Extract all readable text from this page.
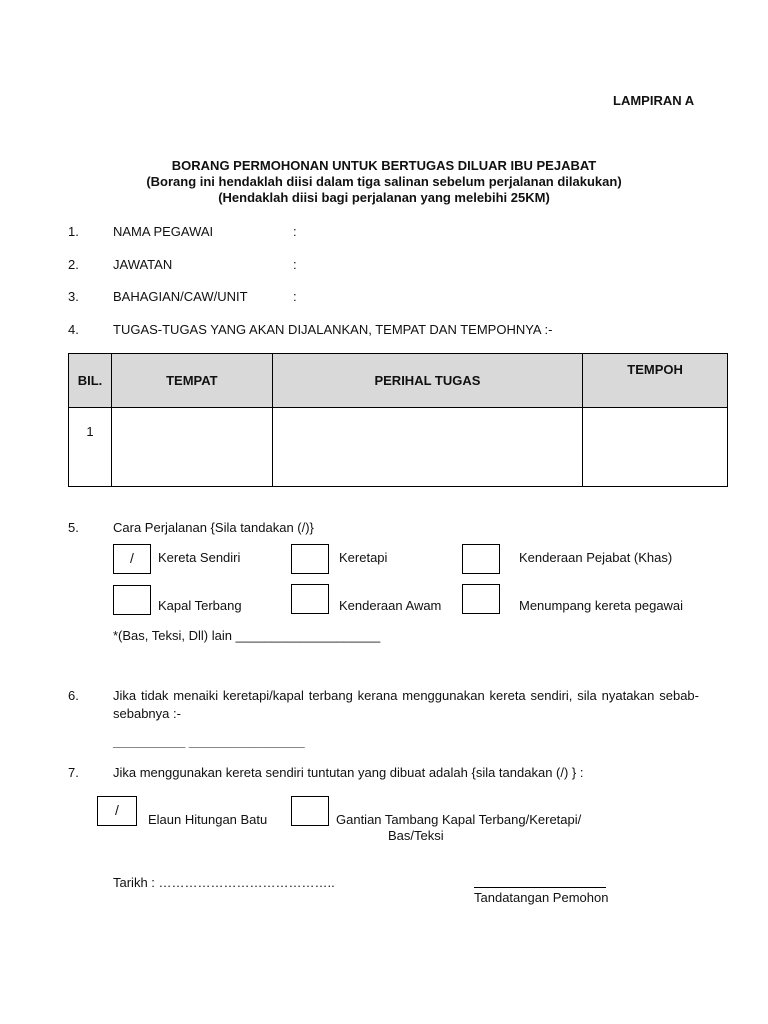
LAMPIRAN A
BORANG PERMOHONAN UNTUK BERTUGAS DILUAR IBU PEJABAT
(Borang ini hendaklah diisi dalam tiga salinan sebelum perjalanan dilakukan)
(Hendaklah diisi bagi perjalanan yang melebihi 25KM)
1.	NAMA PEGAWAI	:
2.	JAWATAN	:
3.	BAHAGIAN/CAW/UNIT	:
4.	TUGAS-TUGAS YANG AKAN DIJALANKAN, TEMPAT DAN TEMPOHNYA :-
BIL.	TEMPAT	PERIHAL TUGAS	TEMPOH
1			
5.	Cara Perjalanan {Sila tandakan (/)}
/	Kereta Sendiri	Keretapi	Kenderaan Pejabat (Khas)
Kapal Terbang	Kenderaan Awam	Menumpang kereta pegawai
*(Bas, Teksi, Dll) lain ____________________
6.	Jika tidak menaiki keretapi/kapal terbang kerana menggunakan kereta sendiri, sila nyatakan sebab-
sebabnya :-
__________ ________________
7.	Jika menggunakan kereta sendiri tuntutan yang dibuat adalah {sila tandakan (/) } :
/
Elaun Hitungan Batu	Gantian Tambang Kapal Terbang/Keretapi/
Bas/Teksi
Tarikh : …………………………………..
Tandatangan Pemohon
